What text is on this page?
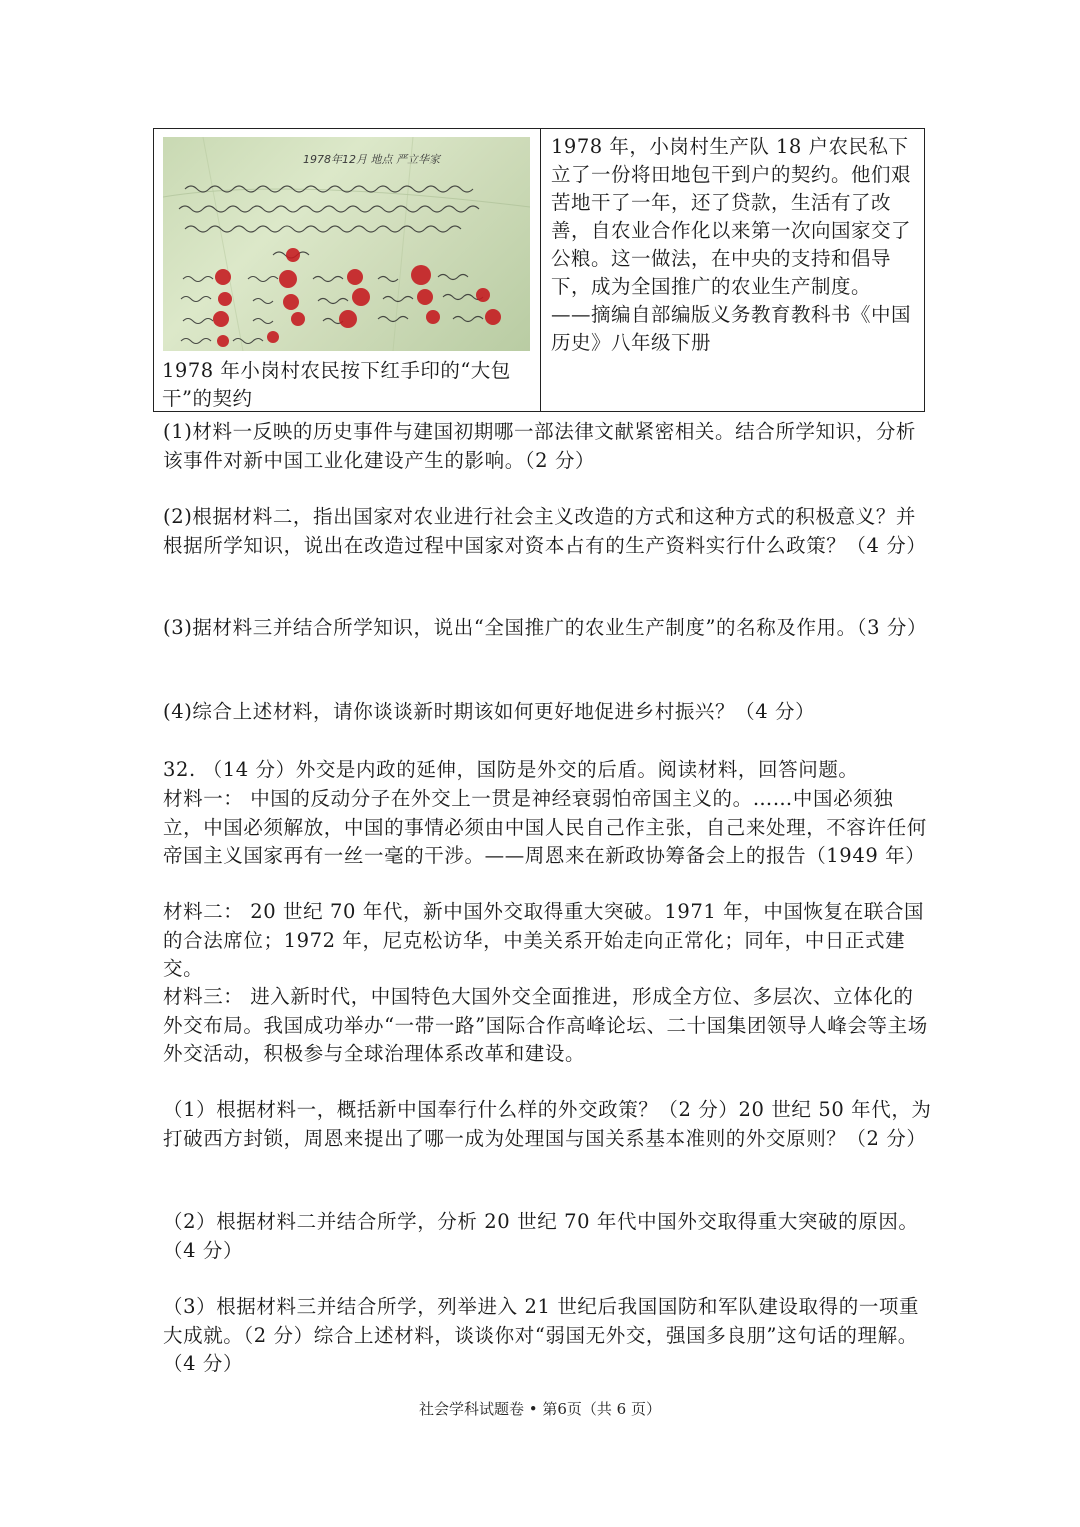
1978年12月 地点 严立华家
1978 年小岗村农民按下红手印的“大包干”的契约

1978 年，小岗村生产队 18 户农民私下立了一份将田地包干到户的契约。他们艰苦地干了一年，还了贷款，生活有了改善，自农业合作化以来第一次向国家交了公粮。这一做法，在中央的支持和倡导下，成为全国推广的农业生产制度。

——摘编自部编版义务教育教科书《中国历史》八年级下册

(1)材料一反映的历史事件与建国初期哪一部法律文献紧密相关。结合所学知识，分析该事件对新中国工业化建设产生的影响。（2 分）
(2)根据材料二，指出国家对农业进行社会主义改造的方式和这种方式的积极意义？并根据所学知识，说出在改造过程中国家对资本占有的生产资料实行什么政策？（4 分）
(3)据材料三并结合所学知识，说出“全国推广的农业生产制度”的名称及作用。（3 分）
(4)综合上述材料，请你谈谈新时期该如何更好地促进乡村振兴？（4 分）
32. （14 分）外交是内政的延伸，国防是外交的后盾。阅读材料，回答问题。
材料一： 中国的反动分子在外交上一贯是神经衰弱怕帝国主义的。……中国必须独立，中国必须解放，中国的事情必须由中国人民自己作主张，自己来处理，不容许任何帝国主义国家再有一丝一毫的干涉。——周恩来在新政协筹备会上的报告（1949 年）
材料二： 20 世纪 70 年代，新中国外交取得重大突破。1971 年，中国恢复在联合国的合法席位；1972 年，尼克松访华，中美关系开始走向正常化；同年，中日正式建交。
材料三： 进入新时代，中国特色大国外交全面推进，形成全方位、多层次、立体化的外交布局。我国成功举办“一带一路”国际合作高峰论坛、二十国集团领导人峰会等主场外交活动，积极参与全球治理体系改革和建设。
（1）根据材料一，概括新中国奉行什么样的外交政策？（2 分）20 世纪 50 年代，为打破西方封锁，周恩来提出了哪一成为处理国与国关系基本准则的外交原则？（2 分）
（2）根据材料二并结合所学，分析 20 世纪 70 年代中国外交取得重大突破的原因。（4 分）
（3）根据材料三并结合所学，列举进入 21 世纪后我国国防和军队建设取得的一项重大成就。（2 分）综合上述材料，谈谈你对“弱国无外交，强国多良朋”这句话的理解。（4 分）
社会学科试题卷 • 第6页（共 6 页）
